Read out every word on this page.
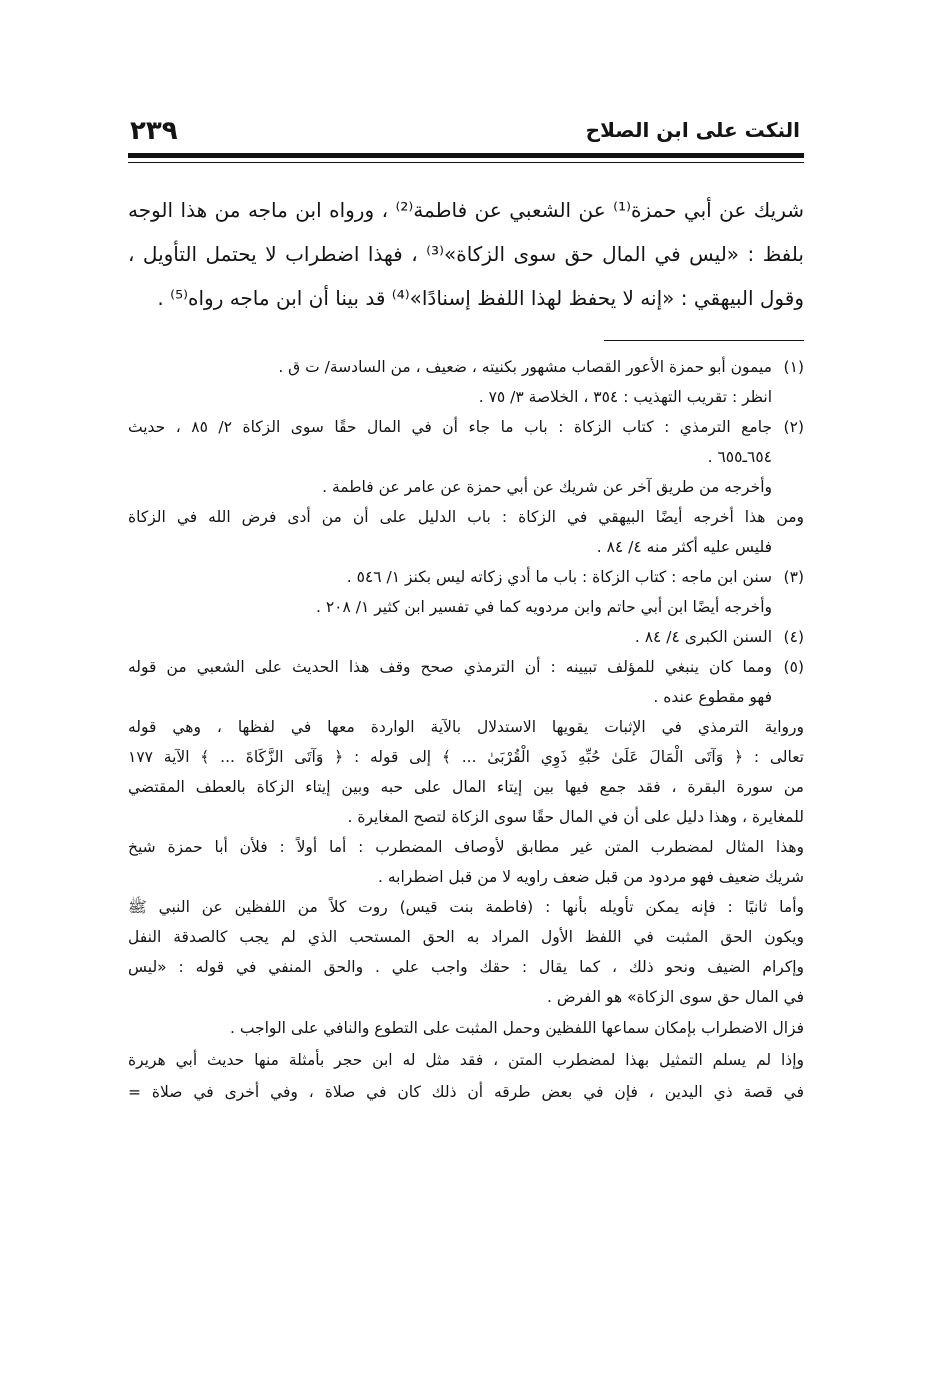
النكت على ابن الصلاح
٢٣٩

شريك عن أبي حمزة⁽¹⁾ عن الشعبي عن فاطمة⁽²⁾ ، ورواه ابن ماجه من هذا الوجه

بلفظ : «ليس في المال حق سوى الزكاة»⁽³⁾ ، فهذا اضطراب لا يحتمل التأويل ،

وقول البيهقي : «إنه لا يحفظ لهذا اللفظ إسنادًا»⁽⁴⁾ قد بينا أن ابن ماجه رواه⁽⁵⁾ .

(١)ميمون أبو حمزة الأعور القصاب مشهور بكنيته ، ضعيف ، من السادسة/ ت ق .
انظر : تقريب التهذيب : ٣٥٤ ، الخلاصة ٣/ ٧٥ .
(٢)جامع الترمذي : كتاب الزكاة : باب ما جاء أن في المال حقًا سوى الزكاة ٢/ ٨٥ ، حديث
٦٥٤ـ٦٥٥ .
وأخرجه من طريق آخر عن شريك عن أبي حمزة عن عامر عن فاطمة .
ومن هذا أخرجه أيضًا البيهقي في الزكاة : باب الدليل على أن من أدى فرض الله في الزكاة
فليس عليه أكثر منه ٤/ ٨٤ .
(٣)سنن ابن ماجه : كتاب الزكاة : باب ما أدي زكاته ليس بكنز ١/ ٥٤٦ .
وأخرجه أيضًا ابن أبي حاتم وابن مردويه كما في تفسير ابن كثير ١/ ٢٠٨ .
(٤)السنن الكبرى ٤/ ٨٤ .
(٥)ومما كان ينبغي للمؤلف تبيينه : أن الترمذي صحح وقف هذا الحديث على الشعبي من قوله
فهو مقطوع عنده .
ورواية الترمذي في الإثبات يقويها الاستدلال بالآية الواردة معها في لفظها ، وهي قوله
تعالى : ﴿ وَآتَى الْمَالَ عَلَىٰ حُبِّهِ ذَوِي الْقُرْبَىٰ ... ﴾ إلى قوله : ﴿ وَآتَى الزَّكَاةَ ... ﴾ الآية ١٧٧
من سورة البقرة ، فقد جمع فيها بين إيتاء المال على حبه وبين إيتاء الزكاة بالعطف المقتضي
للمغايرة ، وهذا دليل على أن في المال حقًا سوى الزكاة لتصح المغايرة .
وهذا المثال لمضطرب المتن غير مطابق لأوصاف المضطرب : أما أولاً : فلأن أبا حمزة شيخ
شريك ضعيف فهو مردود من قبل ضعف راويه لا من قبل اضطرابه .
وأما ثانيًا : فإنه يمكن تأويله بأنها : (فاطمة بنت قيس) روت كلاً من اللفظين عن النبي ﷺ
ويكون الحق المثبت في اللفظ الأول المراد به الحق المستحب الذي لم يجب كالصدقة النفل
وإكرام الضيف ونحو ذلك ، كما يقال : حقك واجب علي . والحق المنفي في قوله : «ليس
في المال حق سوى الزكاة» هو الفرض .
فزال الاضطراب بإمكان سماعها اللفظين وحمل المثبت على التطوع والنافي على الواجب .
وإذا لم يسلم التمثيل بهذا لمضطرب المتن ، فقد مثل له ابن حجر بأمثلة منها حديث أبي هريرة
في قصة ذي اليدين ، فإن في بعض طرقه أن ذلك كان في صلاة ، وفي أخرى في صلاة =
